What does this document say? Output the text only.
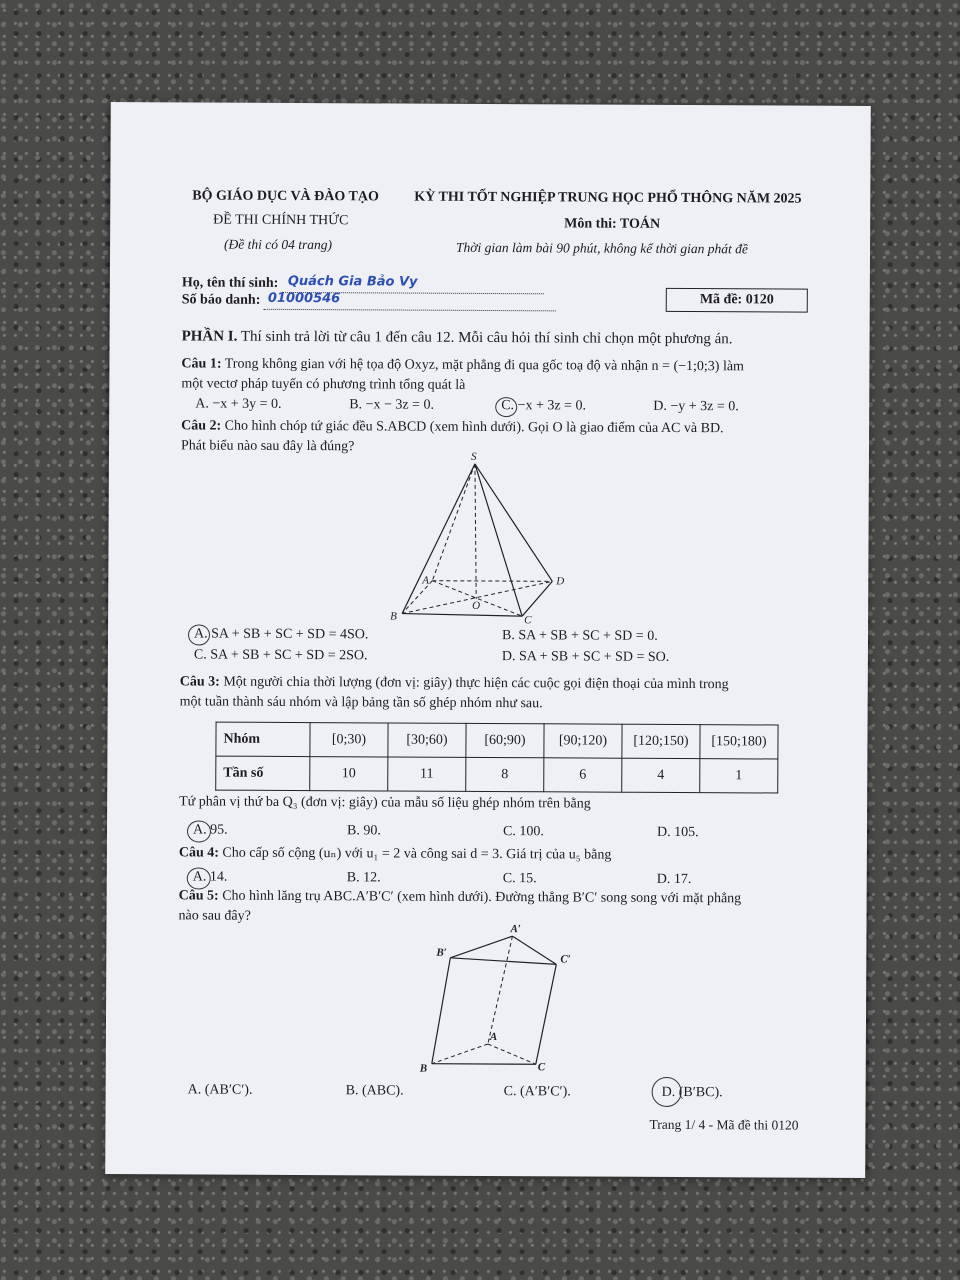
BỘ GIÁO DỤC VÀ ĐÀO TẠO	KỲ THI TỐT NGHIỆP TRUNG HỌC PHỔ THÔNG NĂM 2025
ĐỀ THI CHÍNH THỨC	Môn thi: TOÁN
(Đề thi có 04 trang)	Thời gian làm bài 90 phút, không kể thời gian phát đề
Họ, tên thí sinh: Quách Gia Bảo Vy

Số báo danh: 01000546
	Mã đề: 0120
PHẦN I. Thí sinh trả lời từ câu 1 đến câu 12. Mỗi câu hỏi thí sinh chỉ chọn một phương án.
Câu 1: Trong không gian với hệ tọa độ Oxyz, mặt phẳng đi qua gốc toạ độ và nhận n = (−1;0;3) làm
một vectơ pháp tuyến có phương trình tổng quát là
A. −x + 3y = 0.	B. −x − 3z = 0.	C. −x + 3z = 0.	D. −y + 3z = 0.
Câu 2: Cho hình chóp tứ giác đều S.ABCD (xem hình dưới). Gọi O là giao điểm của AC và BD.
Phát biểu nào sau đây là đúng?
S
A	D
B	C
O
A. SA + SB + SC + SD = 4SO.	B. SA + SB + SC + SD = 0.
C. SA + SB + SC + SD = 2SO.	D. SA + SB + SC + SD = SO.
Câu 3: Một người chia thời lượng (đơn vị: giây) thực hiện các cuộc gọi điện thoại của mình trong
một tuần thành sáu nhóm và lập bảng tần số ghép nhóm như sau.
Nhóm	[0;30)	[30;60)	[60;90)	[90;120)	[120;150)	[150;180)
Tần số	10	11	8	6	4	1
Tứ phân vị thứ ba Q₃ (đơn vị: giây) của mẫu số liệu ghép nhóm trên bằng
A. 95.	B. 90.	C. 100.	D. 105.
Câu 4: Cho cấp số cộng (uₙ) với u₁ = 2 và công sai d = 3. Giá trị của u₅ bằng
A. 14.	B. 12.	C. 15.	D. 17.
Câu 5: Cho hình lăng trụ ABC.A′B′C′ (xem hình dưới). Đường thẳng B′C′ song song với mặt phẳng
nào sau đây?
A′
B′
C′
A
B	C
A. (AB′C′).	B. (ABC).	C. (A′B′C′).	D. (B′BC).
Trang 1/ 4 - Mã đề thi 0120
